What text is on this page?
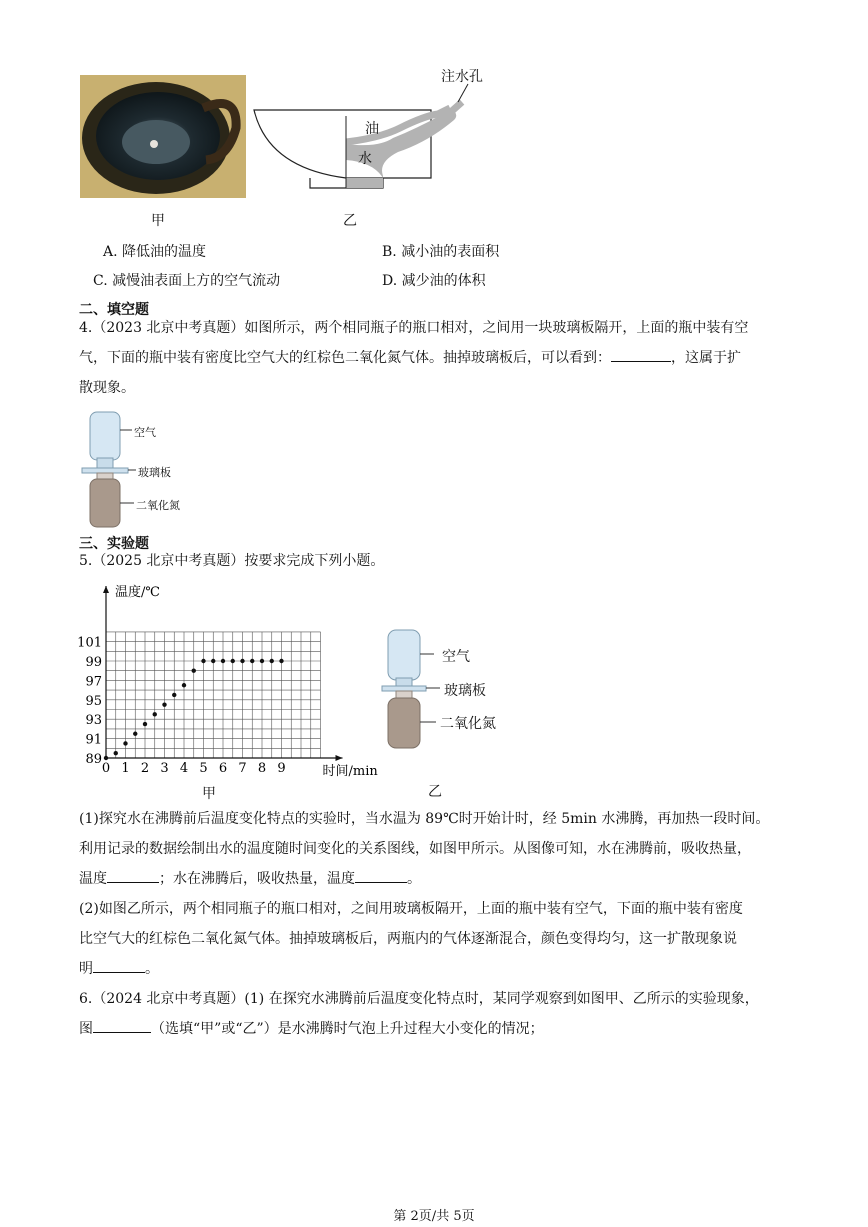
油
水
注水孔
甲	乙
A. 降低油的温度	B. 减小油的表面积
C. 减慢油表面上方的空气流动	D. 减少油的体积
二、填空题
4.（2023 北京中考真题）如图所示，两个相同瓶子的瓶口相对，之间用一块玻璃板隔开，上面的瓶中装有空
气，下面的瓶中装有密度比空气大的红棕色二氧化氮气体。抽掉玻璃板后，可以看到：	，这属于扩
散现象。
空气
玻璃板
二氧化氮
三、实验题
5.（2025 北京中考真题）按要求完成下列小题。
0 1 2 3 4 5 6 7 8 9
89
91
93
95
97
99
101
温度/℃
时间/min
甲
空气
玻璃板
二氧化氮
乙
(1)探究水在沸腾前后温度变化特点的实验时，当水温为 89℃时开始计时，经 5min 水沸腾，再加热一段时间。
利用记录的数据绘制出水的温度随时间变化的关系图线，如图甲所示。从图像可知，水在沸腾前，吸收热量，
温度	；水在沸腾后，吸收热量，温度	。
(2)如图乙所示，两个相同瓶子的瓶口相对，之间用玻璃板隔开，上面的瓶中装有空气，下面的瓶中装有密度
比空气大的红棕色二氧化氮气体。抽掉玻璃板后，两瓶内的气体逐渐混合，颜色变得均匀，这一扩散现象说
明	。
6.（2024 北京中考真题）(1) 在探究水沸腾前后温度变化特点时，某同学观察到如图甲、乙所示的实验现象，
图	（选填“甲”或“乙”）是水沸腾时气泡上升过程大小变化的情况；
第 2页/共 5页
